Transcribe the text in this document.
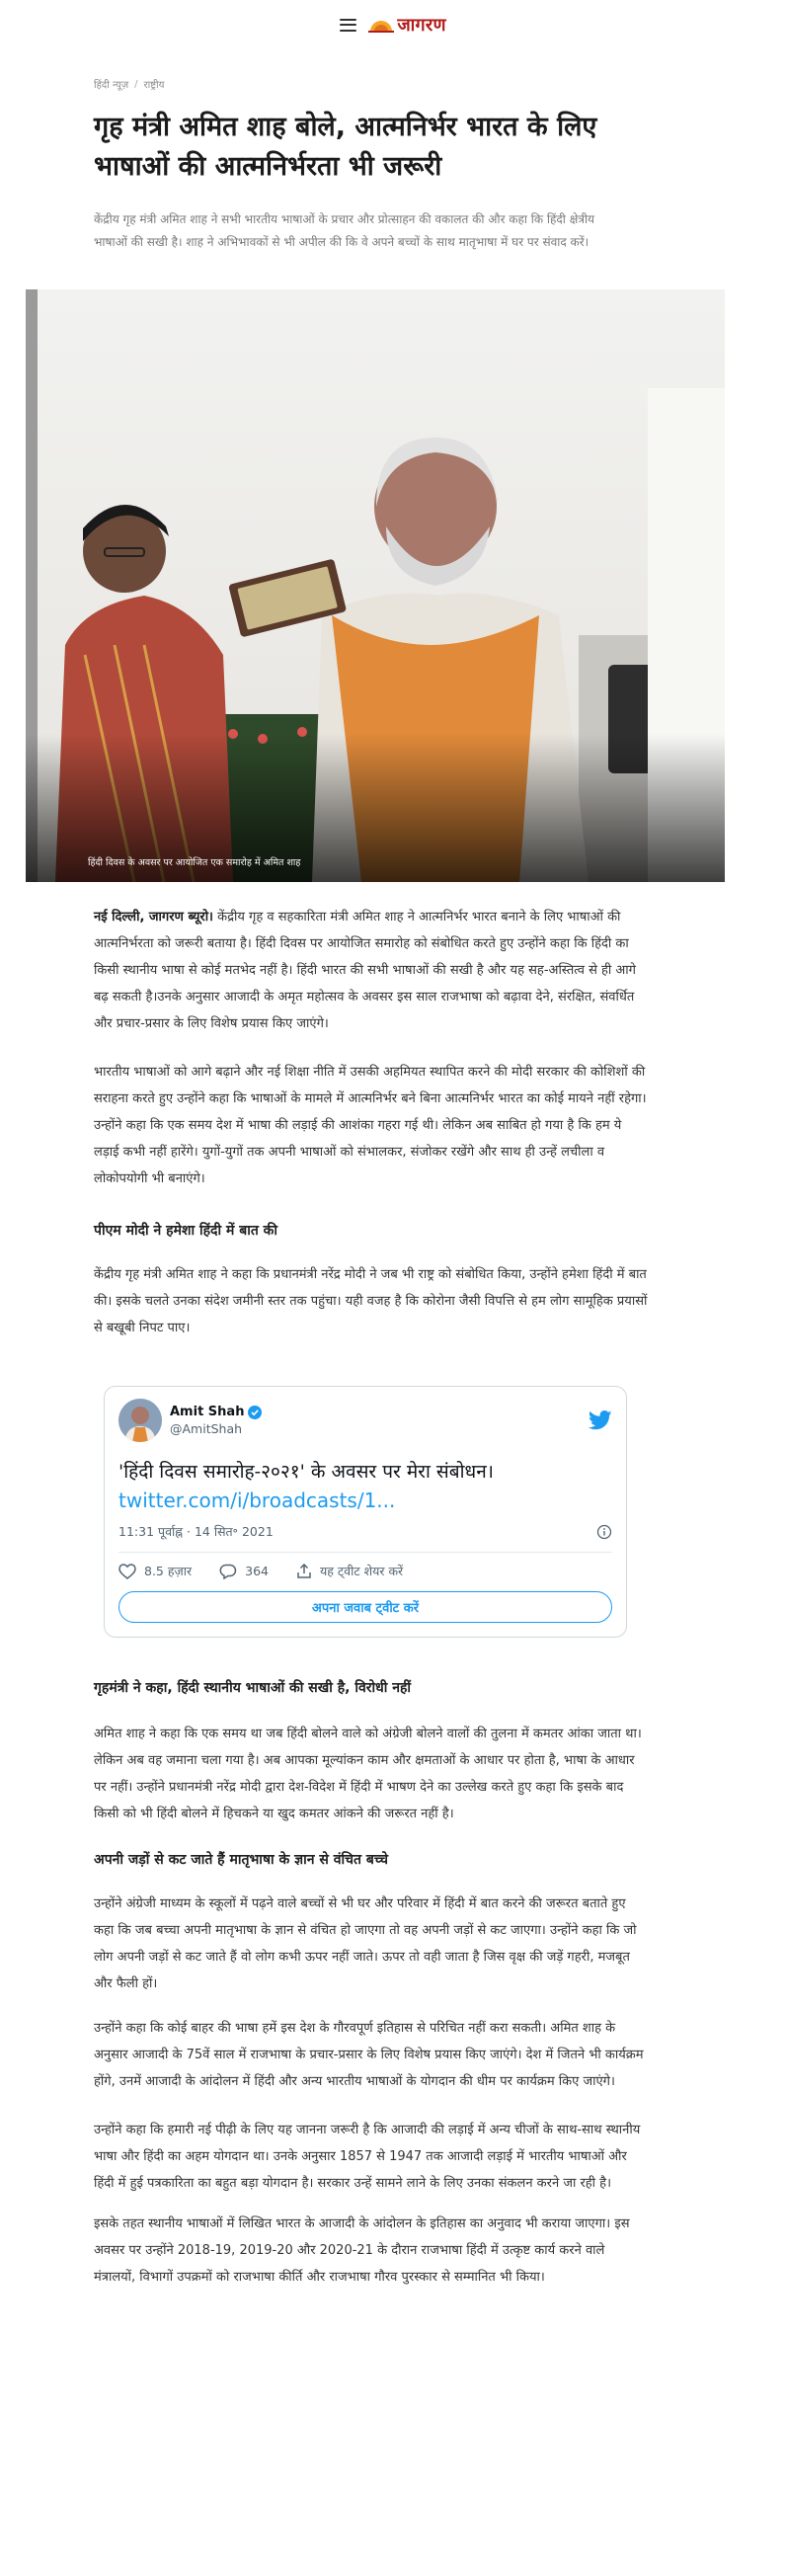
जागरण
हिंदी न्यूज़ / राष्ट्रीय
गृह मंत्री अमित शाह बोले, आत्मनिर्भर भारत के लिए भाषाओं की आत्मनिर्भरता भी जरूरी

केंद्रीय गृह मंत्री अमित शाह ने सभी भारतीय भाषाओं के प्रचार और प्रोत्साहन की वकालत की और कहा कि हिंदी क्षेत्रीय भाषाओं की सखी है। शाह ने अभिभावकों से भी अपील की कि वे अपने बच्चों के साथ मातृभाषा में घर पर संवाद करें।

हिंदी दिवस के अवसर पर आयोजित एक समारोह में अमित शाह

नई दिल्ली, जागरण ब्यूरो। केंद्रीय गृह व सहकारिता मंत्री अमित शाह ने आत्मनिर्भर भारत बनाने के लिए भाषाओं की आत्मनिर्भरता को जरूरी बताया है। हिंदी दिवस पर आयोजित समारोह को संबोधित करते हुए उन्होंने कहा कि हिंदी का किसी स्थानीय भाषा से कोई मतभेद नहीं है। हिंदी भारत की सभी भाषाओं की सखी है और यह सह-अस्तित्व से ही आगे बढ़ सकती है।उनके अनुसार आजादी के अमृत महोत्सव के अवसर इस साल राजभाषा को बढ़ावा देने, संरक्षित, संवर्धित और प्रचार-प्रसार के लिए विशेष प्रयास किए जाएंगे।

भारतीय भाषाओं को आगे बढ़ाने और नई शिक्षा नीति में उसकी अहमियत स्थापित करने की मोदी सरकार की कोशिशों की सराहना करते हुए उन्होंने कहा कि भाषाओं के मामले में आत्मनिर्भर बने बिना आत्मनिर्भर भारत का कोई मायने नहीं रहेगा। उन्होंने कहा कि एक समय देश में भाषा की लड़ाई की आशंका गहरा गई थी। लेकिन अब साबित हो गया है कि हम ये लड़ाई कभी नहीं हारेंगे। युगों-युगों तक अपनी भाषाओं को संभालकर, संजोकर रखेंगे और साथ ही उन्हें लचीला व लोकोपयोगी भी बनाएंगे।

पीएम मोदी ने हमेशा हिंदी में बात की

केंद्रीय गृह मंत्री अमित शाह ने कहा कि प्रधानमंत्री नरेंद्र मोदी ने जब भी राष्ट्र को संबोधित किया, उन्होंने हमेशा हिंदी में बात की। इसके चलते उनका संदेश जमीनी स्तर तक पहुंचा। यही वजह है कि कोरोना जैसी विपत्ति से हम लोग सामूहिक प्रयासों से बखूबी निपट पाए।

Amit Shah
@AmitShah
'हिंदी दिवस समारोह-२०२१' के अवसर पर मेरा संबोधन।
twitter.com/i/broadcasts/1...
11:31 पूर्वाह्न · 14 सित॰ 2021
8.5 हज़ार	364	यह ट्वीट शेयर करें
अपना जवाब ट्वीट करें
गृहमंत्री ने कहा, हिंदी स्थानीय भाषाओं की सखी है, विरोधी नहीं

अमित शाह ने कहा कि एक समय था जब हिंदी बोलने वाले को अंग्रेजी बोलने वालों की तुलना में कमतर आंका जाता था। लेकिन अब वह जमाना चला गया है। अब आपका मूल्यांकन काम और क्षमताओं के आधार पर होता है, भाषा के आधार पर नहीं। उन्होंने प्रधानमंत्री नरेंद्र मोदी द्वारा देश-विदेश में हिंदी में भाषण देने का उल्लेख करते हुए कहा कि इसके बाद किसी को भी हिंदी बोलने में हिचकने या खुद कमतर आंकने की जरूरत नहीं है।

अपनी जड़ों से कट जाते हैं मातृभाषा के ज्ञान से वंचित बच्चे

उन्होंने अंग्रेजी माध्यम के स्कूलों में पढ़ने वाले बच्चों से भी घर और परिवार में हिंदी में बात करने की जरूरत बताते हुए कहा कि जब बच्चा अपनी मातृभाषा के ज्ञान से वंचित हो जाएगा तो वह अपनी जड़ों से कट जाएगा। उन्होंने कहा कि जो लोग अपनी जड़ों से कट जाते हैं वो लोग कभी ऊपर नहीं जाते। ऊपर तो वही जाता है जिस वृक्ष की जड़ें गहरी, मजबूत और फैली हों।

उन्होंने कहा कि कोई बाहर की भाषा हमें इस देश के गौरवपूर्ण इतिहास से परिचित नहीं करा सकती। अमित शाह के अनुसार आजादी के 75वें साल में राजभाषा के प्रचार-प्रसार के लिए विशेष प्रयास किए जाएंगे। देश में जितने भी कार्यक्रम होंगे, उनमें आजादी के आंदोलन में हिंदी और अन्य भारतीय भाषाओं के योगदान की धीम पर कार्यक्रम किए जाएंगे।

उन्होंने कहा कि हमारी नई पीढ़ी के लिए यह जानना जरूरी है कि आजादी की लड़ाई में अन्य चीजों के साथ-साथ स्थानीय भाषा और हिंदी का अहम योगदान था। उनके अनुसार 1857 से 1947 तक आजादी लड़ाई में भारतीय भाषाओं और हिंदी में हुई पत्रकारिता का बहुत बड़ा योगदान है। सरकार उन्हें सामने लाने के लिए उनका संकलन करने जा रही है।

इसके तहत स्थानीय भाषाओं में लिखित भारत के आजादी के आंदोलन के इतिहास का अनुवाद भी कराया जाएगा। इस अवसर पर उन्होंने 2018-19, 2019-20 और 2020-21 के दौरान राजभाषा हिंदी में उत्कृष्ट कार्य करने वाले मंत्रालयों, विभागों उपक्रमों को राजभाषा कीर्ति और राजभाषा गौरव पुरस्कार से सम्मानित भी किया।
